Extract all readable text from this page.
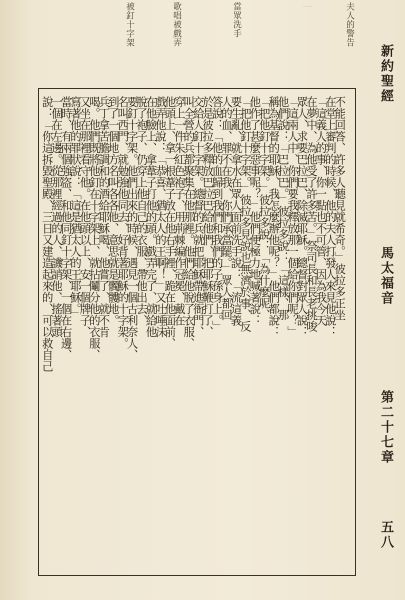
新約聖經
馬太福音
第二十七章
五八
夫人的警告
當眾洗手
歌唱被戲弄
被釘十字架	｜
不能回答、許多人聽見就希奇。」彼拉多正坐
在堂上審判的時候、他的夫人打發人來見他說：
「這義人的事、你一點也不可管、因為我今天
在夢中、為他受了許多苦。」祭司長和長老挑唆
眾人、求要巴拉巴、除滅耶穌。總督對眾人說：
「這兩人中、你們要我釋放那一個給你們呢？」
他們說：「巴拉巴。」彼拉多說：「這樣、那
稱為基督的耶穌、我怎麼辦他呢？」他們都說：
「把他釘十字架。」彼拉多說：「為什麼呢、
他作了甚麼惡事呢？」他們便極力地喊著說：
「把他釘十字架。」彼拉多見說也無濟於事、反
要生亂、就拿水在眾人面前洗手說：「流這義
人的血、罪不在我、你們承當罷。」眾人都回
答說：「他的血歸到我們和我們的子孫身上。」
於是彼拉多釋放巴拉巴給他們、把耶穌鞭打了、
交給人釘十字架。總督的兵就把耶穌帶進衙門、
叫全營的兵都聚集在他那裡。他們給他脫了衣服、
穿上一件朱紅色袍子、用荊棘編作冠冕、戴在
他頭上、拿一根葦子放在他右手裡、跪在他面前、
戲弄他說：「恭喜、猶太人的王啊！」又吐唾沫
在他臉上、拿葦子打他的頭。戲弄完了、就給他
脫了袍子、仍穿上他自己的衣服、帶他出去、
要釘十字架。他們出來的時候、遇見一個古利奈人、
名叫西門、就勉強他同去、好背著耶穌的十字架。
到了一個地方名叫各各他、意思就是髑髏地。
兵丁拿苦膽調和的酒給耶穌喝、他嘗了、就不肯
喝。他們既將他釘在十字架上、就拈鬮分他的衣服、
又坐在那裡看守他。在他頭以上、安一個牌子、
寫著他的罪狀說：「這是猶太人的王耶穌。」
當時、有兩個強盜、和他同釘十字架、一個在右邊、
一個在左邊。從那裡經過的人、譏誚他、搖著頭
說：「你這拆毀聖殿、三日又建造起來的、可以救自己
